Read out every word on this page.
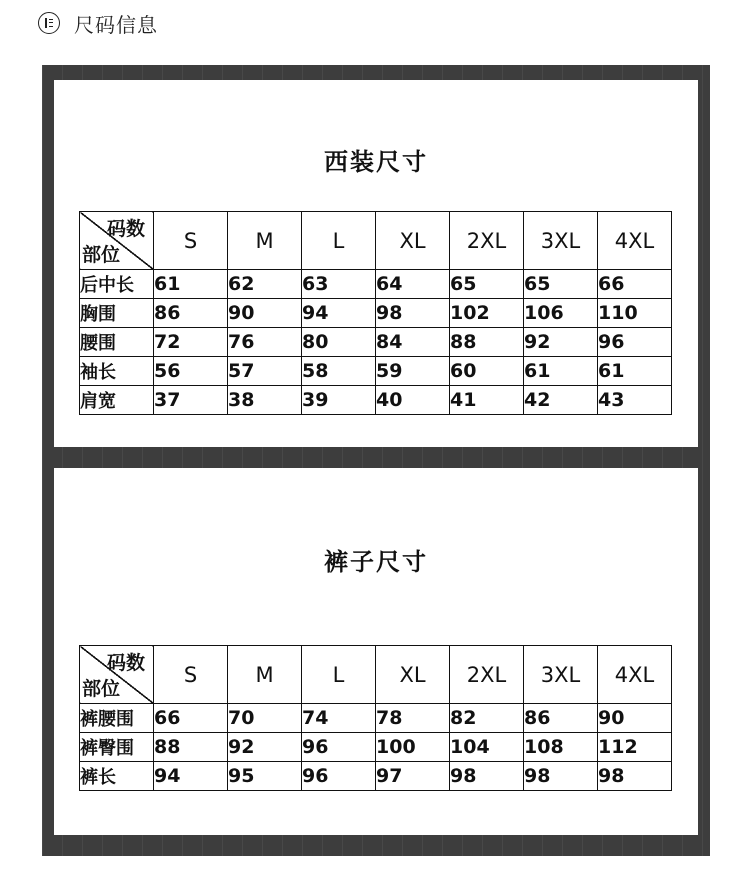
尺码信息
西装尺寸
码数
部位	S	M	L	XL	2XL	3XL	4XL
后中长	61	62	63	64	65	65	66
胸围	86	90	94	98	102	106	110
腰围	72	76	80	84	88	92	96
袖长	56	57	58	59	60	61	61
肩宽	37	38	39	40	41	42	43
裤子尺寸
码数
部位	S	M	L	XL	2XL	3XL	4XL
裤腰围	66	70	74	78	82	86	90
裤臀围	88	92	96	100	104	108	112
裤长	94	95	96	97	98	98	98
